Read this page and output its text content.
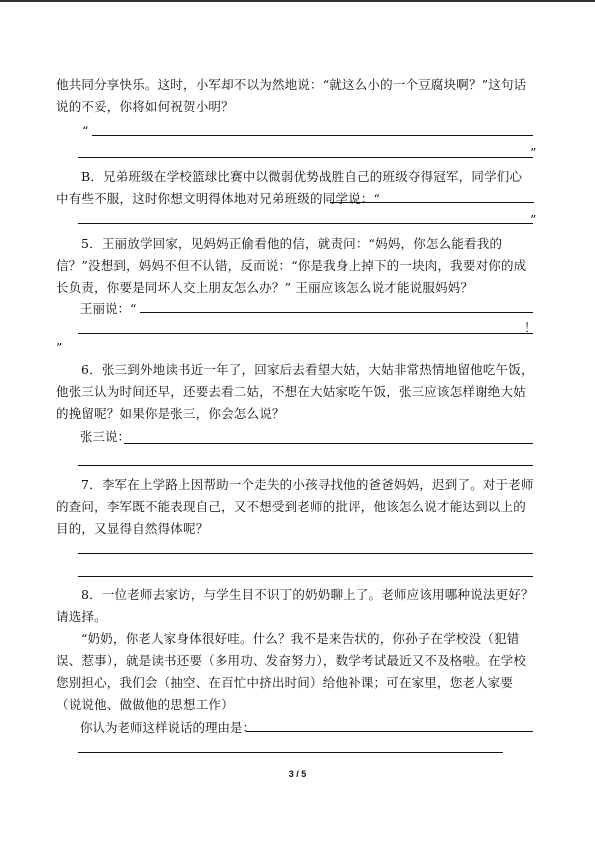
他共同分享快乐。这时，小军却不以为然地说：“就这么小的一个豆腐块啊？”这句话说的不妥，你将如何祝贺小明？

“
”

B．兄弟班级在学校篮球比赛中以微弱优势战胜自己的班级夺得冠军，同学们心中有些不服，这时你想文明得体地对兄弟班级的同学说：“

”

5．王丽放学回家，见妈妈正偷看他的信，就责问：“妈妈，你怎么能看我的信？”没想到，妈妈不但不认错，反而说：“你是我身上掉下的一块肉，我要对你的成长负责，你要是同坏人交上朋友怎么办？” 王丽应该怎么说才能说服妈妈？

王丽说：“
！
”

6．张三到外地读书近一年了，回家后去看望大姑，大姑非常热情地留他吃午饭，他张三认为时间还早，还要去看二姑，不想在大姑家吃午饭，张三应该怎样谢绝大姑的挽留呢？如果你是张三，你会怎么说？

张三说：

7．李军在上学路上因帮助一个走失的小孩寻找他的爸爸妈妈，迟到了。对于老师的查问，李军既不能表现自己，又不想受到老师的批评，他该怎么说才能达到以上的目的，又显得自然得体呢？

8．一位老师去家访，与学生目不识丁的奶奶聊上了。老师应该用哪种说法更好？请选择。

“奶奶，你老人家身体很好哇。什么？我不是来告状的，你孙子在学校没（犯错误、惹事），就是读书还要（多用功、发奋努力），数学考试最近又不及格啦。在学校您别担心，我们会（抽空、在百忙中挤出时间）给他补课；可在家里，您老人家要（说说他、做做他的思想工作）

你认为老师这样说话的理由是：
3 / 5
